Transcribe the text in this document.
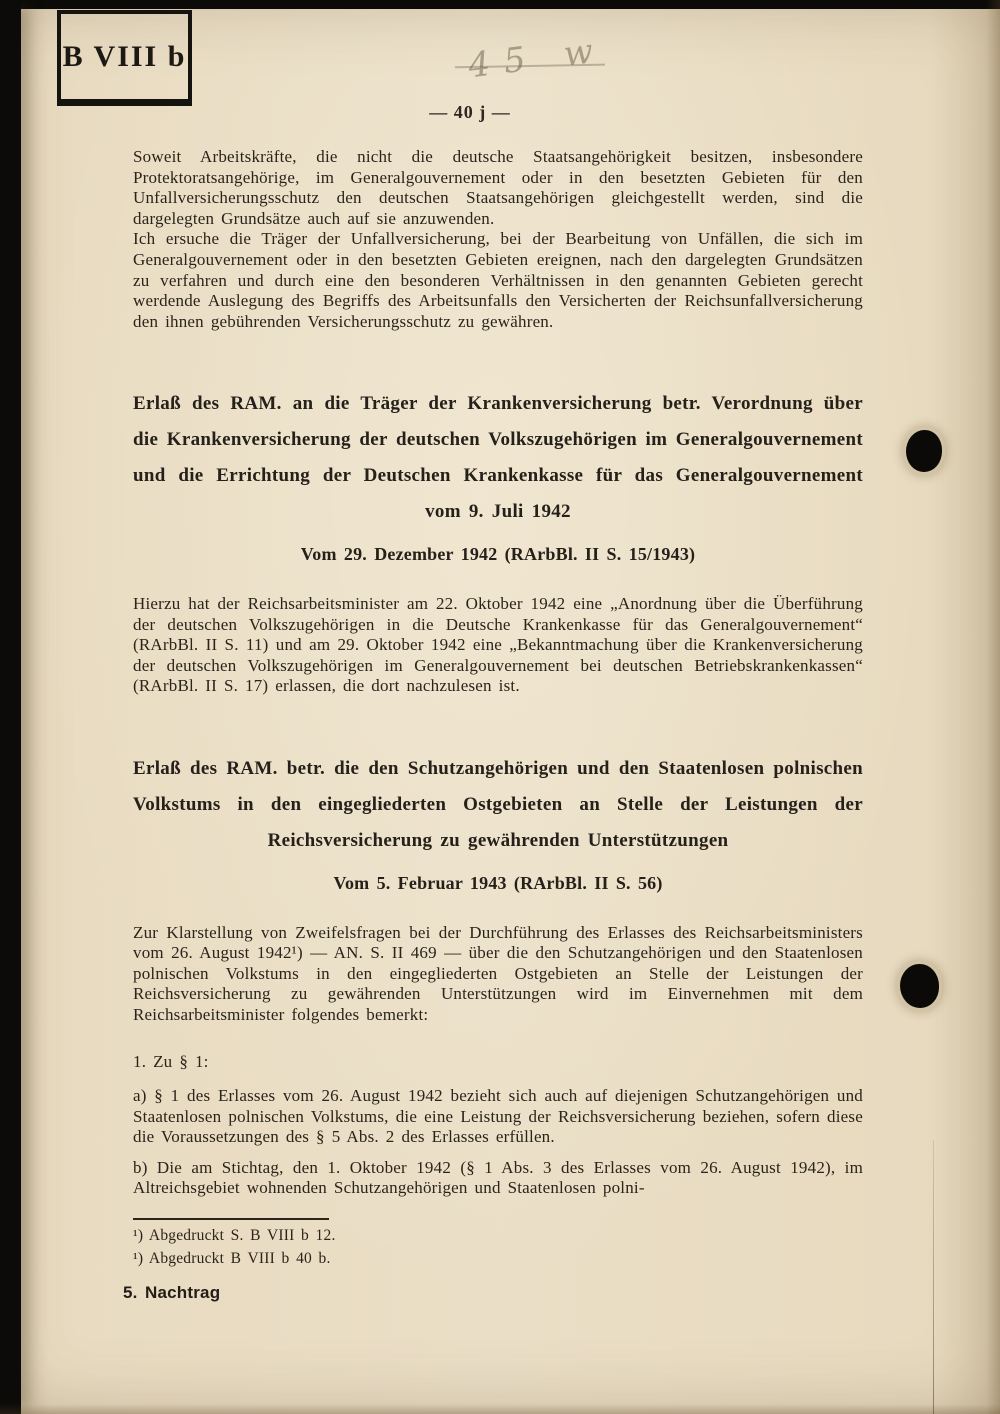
B VIII b	45 w
— 40 j —

Soweit Arbeitskräfte, die nicht die deutsche Staatsangehörigkeit besitzen, insbesondere Protektoratsangehörige, im Generalgouvernement oder in den besetzten Gebieten für den Unfallversicherungsschutz den deutschen Staatsangehörigen gleichgestellt werden, sind die dargelegten Grundsätze auch auf sie anzuwenden.

Ich ersuche die Träger der Unfallversicherung, bei der Bearbeitung von Unfällen, die sich im Generalgouvernement oder in den besetzten Gebieten ereignen, nach den dargelegten Grundsätzen zu verfahren und durch eine den besonderen Verhältnissen in den genannten Gebieten gerecht werdende Auslegung des Begriffs des Arbeitsunfalls den Versicherten der Reichsunfallversicherung den ihnen gebührenden Versicherungsschutz zu gewähren.

Erlaß des RAM. an die Träger der Krankenversicherung betr. Verordnung über die Krankenversicherung der deutschen Volkszugehörigen im Generalgouvernement und die Errichtung der Deutschen Krankenkasse für das Generalgouvernement vom 9. Juli 1942

Vom 29. Dezember 1942 (RArbBl. II S. 15/1943)

Hierzu hat der Reichsarbeitsminister am 22. Oktober 1942 eine „Anordnung über die Überführung der deutschen Volkszugehörigen in die Deutsche Krankenkasse für das Generalgouvernement“ (RArbBl. II S. 11) und am 29. Oktober 1942 eine „Bekanntmachung über die Krankenversicherung der deutschen Volkszugehörigen im Generalgouvernement bei deutschen Betriebskrankenkassen“ (RArbBl. II S. 17) erlassen, die dort nachzulesen ist.

Erlaß des RAM. betr. die den Schutzangehörigen und den Staatenlosen polnischen Volkstums in den eingegliederten Ostgebieten an Stelle der Leistungen der Reichsversicherung zu gewährenden Unterstützungen

Vom 5. Februar 1943 (RArbBl. II S. 56)

Zur Klarstellung von Zweifelsfragen bei der Durchführung des Erlasses des Reichsarbeitsministers vom 26. August 1942¹) — AN. S. II 469 — über die den Schutzangehörigen und den Staatenlosen polnischen Volkstums in den eingegliederten Ostgebieten an Stelle der Leistungen der Reichsversicherung zu gewährenden Unterstützungen wird im Einvernehmen mit dem Reichsarbeitsminister folgendes bemerkt:

1. Zu § 1:

a) § 1 des Erlasses vom 26. August 1942 bezieht sich auch auf diejenigen Schutzangehörigen und Staatenlosen polnischen Volkstums, die eine Leistung der Reichsversicherung beziehen, sofern diese die Voraussetzungen des § 5 Abs. 2 des Erlasses erfüllen.

b) Die am Stichtag, den 1. Oktober 1942 (§ 1 Abs. 3 des Erlasses vom 26. August 1942), im Altreichsgebiet wohnenden Schutzangehörigen und Staatenlosen polni-

¹) Abgedruckt S. B VIII b 12.

¹) Abgedruckt B VIII b 40 b.

5. Nachtrag
